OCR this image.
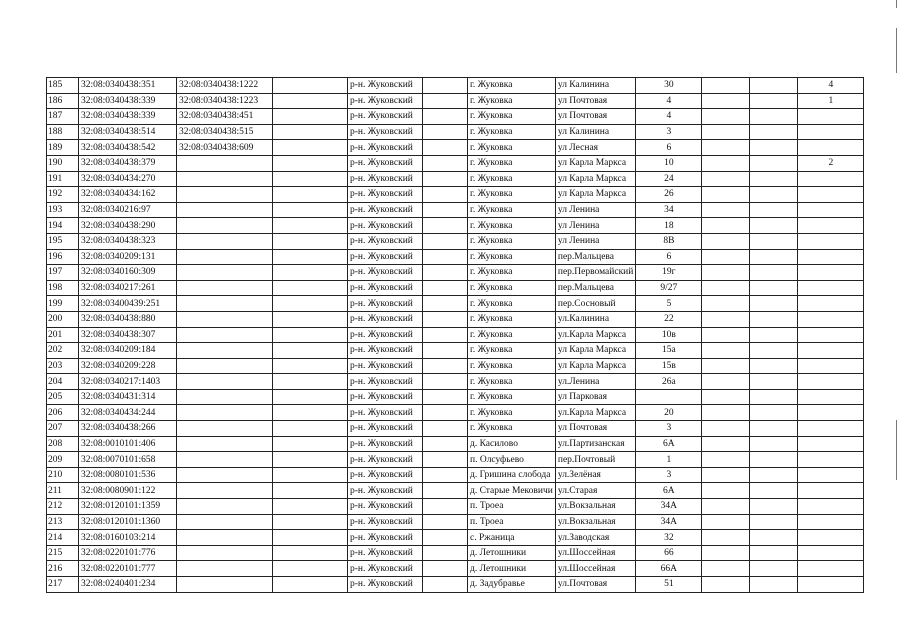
185	32:08:0340438:351	32:08:0340438:1222		р-н. Жуковский		г. Жуковка	ул Калинина	30			4
186	32:08:0340438:339	32:08:0340438:1223		р-н. Жуковский		г. Жуковка	ул Почтовая	4			1
187	32:08:0340438:339	32:08:0340438:451		р-н. Жуковский		г. Жуковка	ул Почтовая	4			
188	32:08:0340438:514	32:08:0340438:515		р-н. Жуковский		г. Жуковка	ул Калинина	3			
189	32:08:0340438:542	32:08:0340438:609		р-н. Жуковский		г. Жуковка	ул Лесная	6			
190	32:08:0340438:379			р-н. Жуковский		г. Жуковка	ул Карла Маркса	10			2
191	32:08:0340434:270			р-н. Жуковский		г. Жуковка	ул Карла Маркса	24			
192	32:08:0340434:162			р-н. Жуковский		г. Жуковка	ул Карла Маркса	26			
193	32:08:0340216:97			р-н. Жуковский		г. Жуковка	ул Ленина	34			
194	32:08:0340438:290			р-н. Жуковский		г. Жуковка	ул Ленина	18			
195	32:08:0340438:323			р-н. Жуковский		г. Жуковка	ул Ленина	8В			
196	32:08:0340209:131			р-н. Жуковский		г. Жуковка	пер.Мальцева	6			
197	32:08:0340160:309			р-н. Жуковский		г. Жуковка	пер.Первомайский	19г			
198	32:08:0340217:261			р-н. Жуковский		г. Жуковка	пер.Мальцева	9/27			
199	32:08:03400439:251			р-н. Жуковский		г. Жуковка	пер.Сосновый	5			
200	32:08:0340438:880			р-н. Жуковский		г. Жуковка	ул.Калинина	22			
201	32:08:0340438:307			р-н. Жуковский		г. Жуковка	ул.Карла Маркса	10в			
202	32:08:0340209:184			р-н. Жуковский		г. Жуковка	ул Карла Маркса	15а			
203	32:08:0340209:228			р-н. Жуковский		г. Жуковка	ул Карла Маркса	15в			
204	32:08:0340217:1403			р-н. Жуковский		г. Жуковка	ул.Ленина	26а			
205	32:08:0340431:314			р-н. Жуковский		г. Жуковка	ул Парковая				
206	32:08:0340434:244			р-н. Жуковский		г. Жуковка	ул.Карла Маркса	20			
207	32:08:0340438:266			р-н. Жуковский		г. Жуковка	ул Почтовая	3			
208	32:08:0010101:406			р-н. Жуковский		д. Касилово	ул.Партизанская	6А			
209	32:08:0070101:658			р-н. Жуковский		п. Олсуфьево	пер.Почтовый	1			
210	32:08:0080101:536			р-н. Жуковский		д. Гришина слобода	ул.Зелёная	3			
211	32:08:0080901:122			р-н. Жуковский		д. Старые Мековичи	ул.Старая	6А			
212	32:08:0120101:1359			р-н. Жуковский		п. Троеа	ул.Вокзальная	34А			
213	32:08:0120101:1360			р-н. Жуковский		п. Троеа	ул.Вокзальная	34А			
214	32:08:0160103:214			р-н. Жуковский		с. Ржаница	ул.Заводская	32			
215	32:08:0220101:776			р-н. Жуковский		д. Летошники	ул.Шоссейная	66			
216	32:08:0220101:777			р-н. Жуковский		д. Летошники	ул.Шоссейная	66А			
217	32:08:0240401:234			р-н. Жуковский		д. Задубравье	ул.Почтовая	51			
